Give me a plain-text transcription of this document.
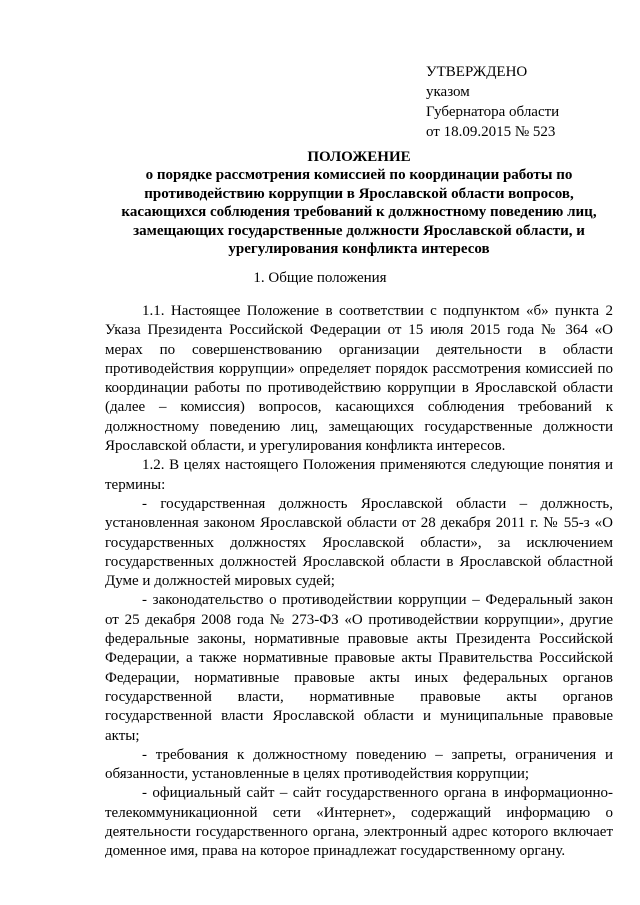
УТВЕРЖДЕНО
указом
Губернатора области
от 18.09.2015 № 523
ПОЛОЖЕНИЕ
о порядке рассмотрения комиссией по координации работы по
противодействию коррупции в Ярославской области вопросов,
касающихся соблюдения требований к должностному поведению лиц,
замещающих государственные должности Ярославской области, и
урегулирования конфликта интересов
1. Общие положения

1.1. Настоящее Положение в соответствии с подпунктом «б» пункта 2 Указа Президента Российской Федерации от 15 июля 2015 года № 364 «О мерах по совершенствованию организации деятельности в области противодействия коррупции» определяет порядок рассмотрения комиссией по координации работы по противодействию коррупции в Ярославской области (далее – комиссия) вопросов, касающихся соблюдения требований к должностному поведению лиц, замещающих государственные должности Ярославской области, и урегулирования конфликта интересов.

1.2. В целях настоящего Положения применяются следующие понятия и термины:

- государственная должность Ярославской области – должность, установленная законом Ярославской области от 28 декабря 2011 г. № 55-з «О государственных должностях Ярославской области», за исключением государственных должностей Ярославской области в Ярославской областной Думе и должностей мировых судей;

- законодательство о противодействии коррупции – Федеральный закон от 25 декабря 2008 года № 273-ФЗ «О противодействии коррупции», другие федеральные законы, нормативные правовые акты Президента Российской Федерации, а также нормативные правовые акты Правительства Российской Федерации, нормативные правовые акты иных федеральных органов государственной власти, нормативные правовые акты органов государственной власти Ярославской области и муниципальные правовые акты;

- требования к должностному поведению – запреты, ограничения и обязанности, установленные в целях противодействия коррупции;

- официальный сайт – сайт государственного органа в информационно-телекоммуникационной сети «Интернет», содержащий информацию о деятельности государственного органа, электронный адрес которого включает доменное имя, права на которое принадлежат государственному органу.
